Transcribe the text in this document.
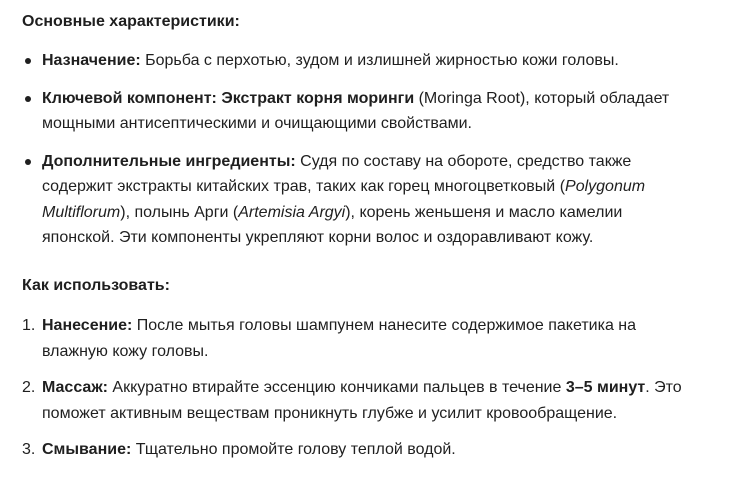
Основные характеристики:

Назначение: Борьба с перхотью, зудом и излишней жирностью кожи головы.
Ключевой компонент: Экстракт корня моринги (Moringa Root), который обладает мощными антисептическими и очищающими свойствами.
Дополнительные ингредиенты: Судя по составу на обороте, средство также содержит экстракты китайских трав, таких как горец многоцветковый (Polygonum Multiflorum), полынь Арги (Artemisia Argyi), корень женьшеня и масло камелии японской. Эти компоненты укрепляют корни волос и оздоравливают кожу.

Как использовать:

1. Нанесение: После мытья головы шампунем нанесите содержимое пакетика на влажную кожу головы.
2. Массаж: Аккуратно втирайте эссенцию кончиками пальцев в течение 3–5 минут. Это поможет активным веществам проникнуть глубже и усилит кровообращение.
3. Смывание: Тщательно промойте голову теплой водой.
